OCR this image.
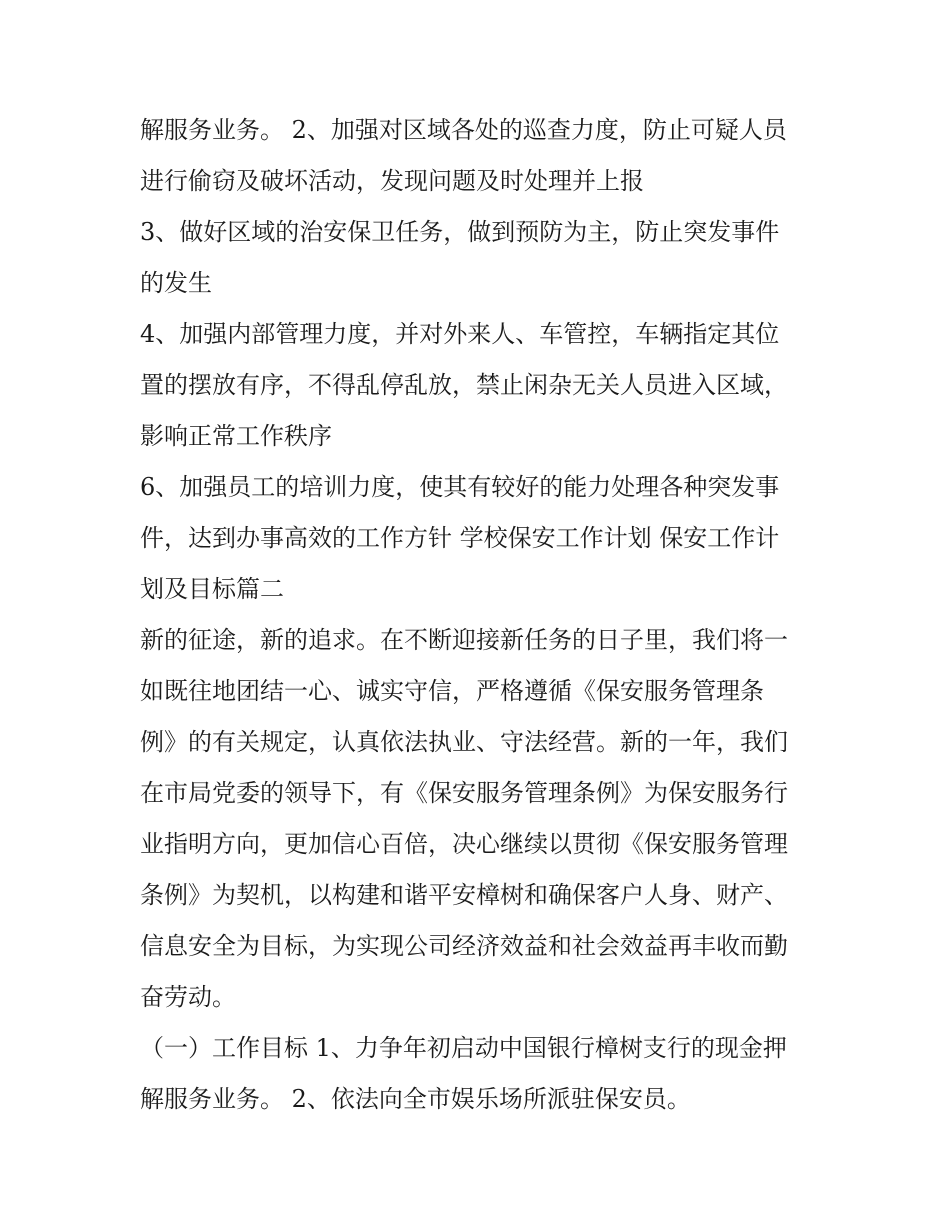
解服务业务。 2、加强对区域各处的巡查力度，防止可疑人员
进行偷窃及破坏活动，发现问题及时处理并上报
3、做好区域的治安保卫任务，做到预防为主，防止突发事件
的发生
4、加强内部管理力度，并对外来人、车管控，车辆指定其位
置的摆放有序，不得乱停乱放，禁止闲杂无关人员进入区域，
影响正常工作秩序
6、加强员工的培训力度，使其有较好的能力处理各种突发事
件，达到办事高效的工作方针 学校保安工作计划 保安工作计
划及目标篇二
新的征途，新的追求。在不断迎接新任务的日子里，我们将一
如既往地团结一心、诚实守信，严格遵循《保安服务管理条
例》的有关规定，认真依法执业、守法经营。新的一年，我们
在市局党委的领导下，有《保安服务管理条例》为保安服务行
业指明方向，更加信心百倍，决心继续以贯彻《保安服务管理
条例》为契机，以构建和谐平安樟树和确保客户人身、财产、
信息安全为目标，为实现公司经济效益和社会效益再丰收而勤
奋劳动。
（一）工作目标 1、力争年初启动中国银行樟树支行的现金押
解服务业务。 2、依法向全市娱乐场所派驻保安员。
